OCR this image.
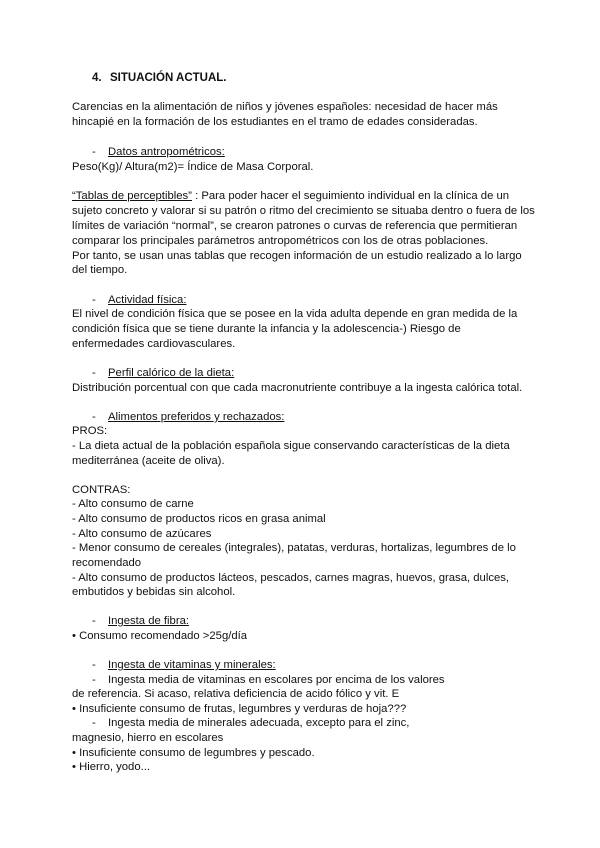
4. SITUACIÓN ACTUAL.
Carencias en la alimentación de niños y jóvenes españoles: necesidad de hacer más
hincapié en la formación de los estudiantes en el tramo de edades consideradas.
- Datos antropométricos:
Peso(Kg)/ Altura(m2)= Índice de Masa Corporal.
“Tablas de perceptibles” : Para poder hacer el seguimiento individual en la clínica de un
sujeto concreto y valorar si su patrón o ritmo del crecimiento se situaba dentro o fuera de los
límites de variación “normal”, se crearon patrones o curvas de referencia que permitieran
comparar los principales parámetros antropométricos con los de otras poblaciones.
Por tanto, se usan unas tablas que recogen información de un estudio realizado a lo largo
del tiempo.
- Actividad física:
El nivel de condición física que se posee en la vida adulta depende en gran medida de la
condición física que se tiene durante la infancia y la adolescencia-) Riesgo de
enfermedades cardiovasculares.
- Perfil calórico de la dieta:
Distribución porcentual con que cada macronutriente contribuye a la ingesta calórica total.
- Alimentos preferidos y rechazados:
PROS:
- La dieta actual de la población española sigue conservando características de la dieta
mediterránea (aceite de oliva).
CONTRAS:
- Alto consumo de carne
- Alto consumo de productos ricos en grasa animal
- Alto consumo de azúcares
- Menor consumo de cereales (integrales), patatas, verduras, hortalizas, legumbres de lo
recomendado
- Alto consumo de productos lácteos, pescados, carnes magras, huevos, grasa, dulces,
embutidos y bebidas sin alcohol.
- Ingesta de fibra:
• Consumo recomendado >25g/día
- Ingesta de vitaminas y minerales:
- Ingesta media de vitaminas en escolares por encima de los valores
de referencia. Si acaso, relativa deficiencia de acido fólico y vit. E
• Insuficiente consumo de frutas, legumbres y verduras de hoja???
- Ingesta media de minerales adecuada, excepto para el zinc,
magnesio, hierro en escolares
• Insuficiente consumo de legumbres y pescado.
• Hierro, yodo...
